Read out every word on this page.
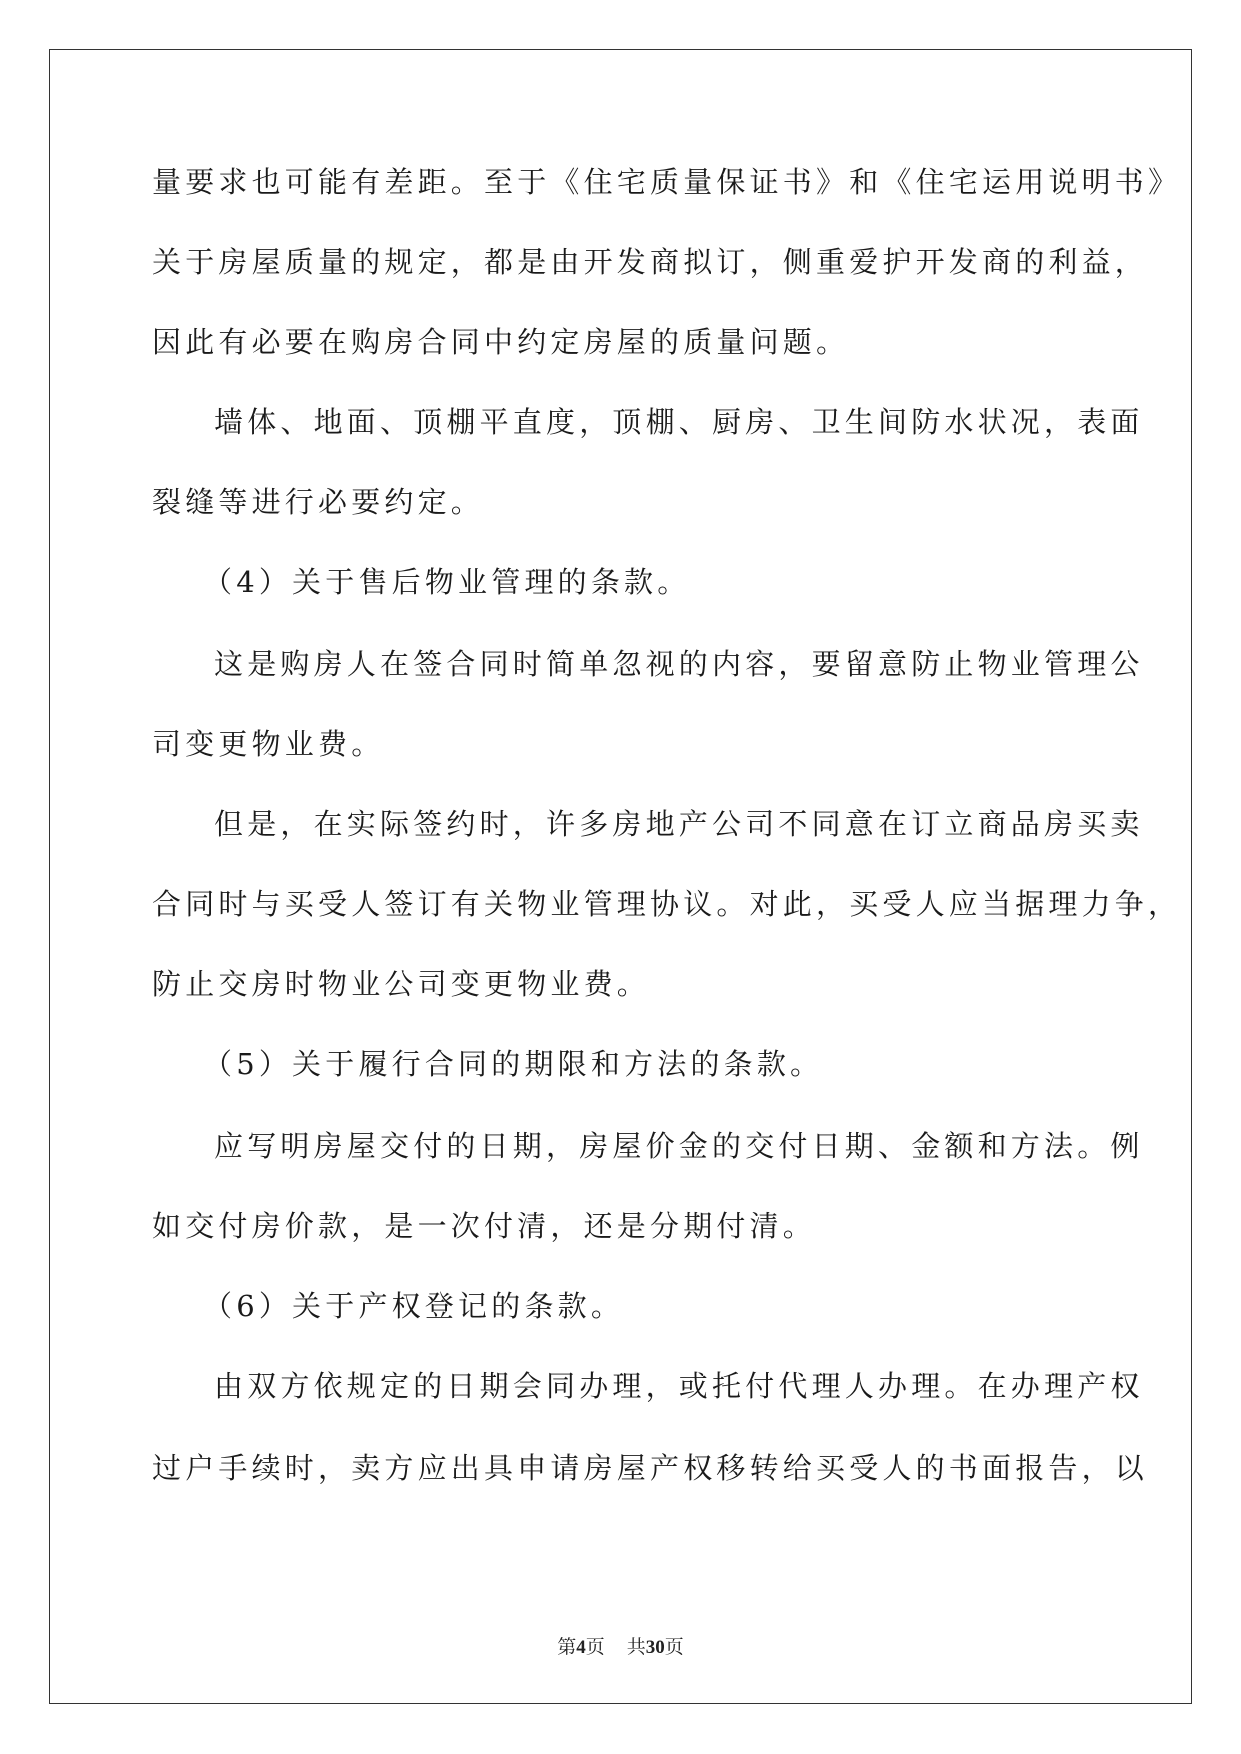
量要求也可能有差距。至于《住宅质量保证书》和《住宅运用说明书》
关于房屋质量的规定，都是由开发商拟订，侧重爱护开发商的利益，
因此有必要在购房合同中约定房屋的质量问题。
墙体、地面、顶棚平直度，顶棚、厨房、卫生间防水状况，表面
裂缝等进行必要约定。
（4）关于售后物业管理的条款。
这是购房人在签合同时简单忽视的内容，要留意防止物业管理公
司变更物业费。
但是，在实际签约时，许多房地产公司不同意在订立商品房买卖
合同时与买受人签订有关物业管理协议。对此，买受人应当据理力争，
防止交房时物业公司变更物业费。
（5）关于履行合同的期限和方法的条款。
应写明房屋交付的日期，房屋价金的交付日期、金额和方法。例
如交付房价款，是一次付清，还是分期付清。
（6）关于产权登记的条款。
由双方依规定的日期会同办理，或托付代理人办理。在办理产权
过户手续时，卖方应出具申请房屋产权移转给买受人的书面报告，以
第4页 共30页
